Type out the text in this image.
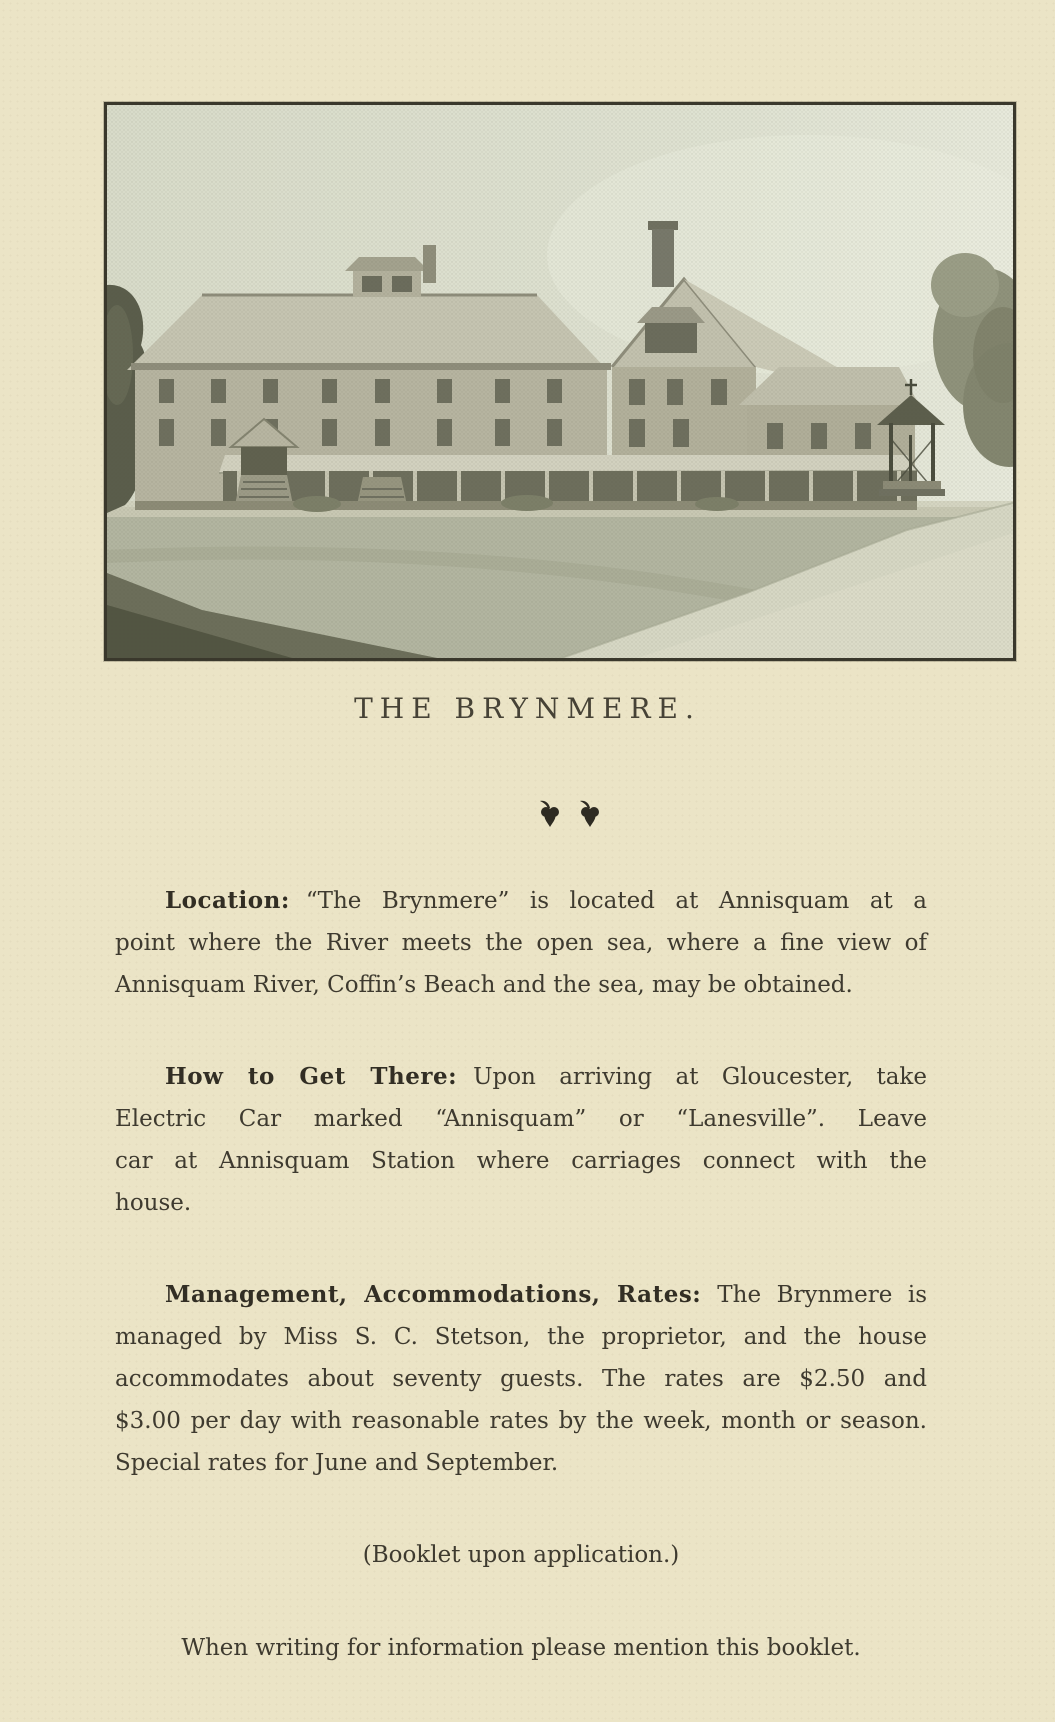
THE BRYNMERE.

Location: “The Brynmere” is located at Annisquam at a
point where the River meets the open sea, where a fine view of
Annisquam River, Coffin’s Beach and the sea, may be obtained.

How to Get There: Upon arriving at Gloucester, take
Electric Car marked “Annisquam” or “Lanesville”. Leave
car at Annisquam Station where carriages connect with the
house.

Management, Accommodations, Rates: The Brynmere is
managed by Miss S. C. Stetson, the proprietor, and the house
accommodates about seventy guests. The rates are $2.50 and
$3.00 per day with reasonable rates by the week, month or season.
Special rates for June and September.

(Booklet upon application.)

When writing for information please mention this booklet.
